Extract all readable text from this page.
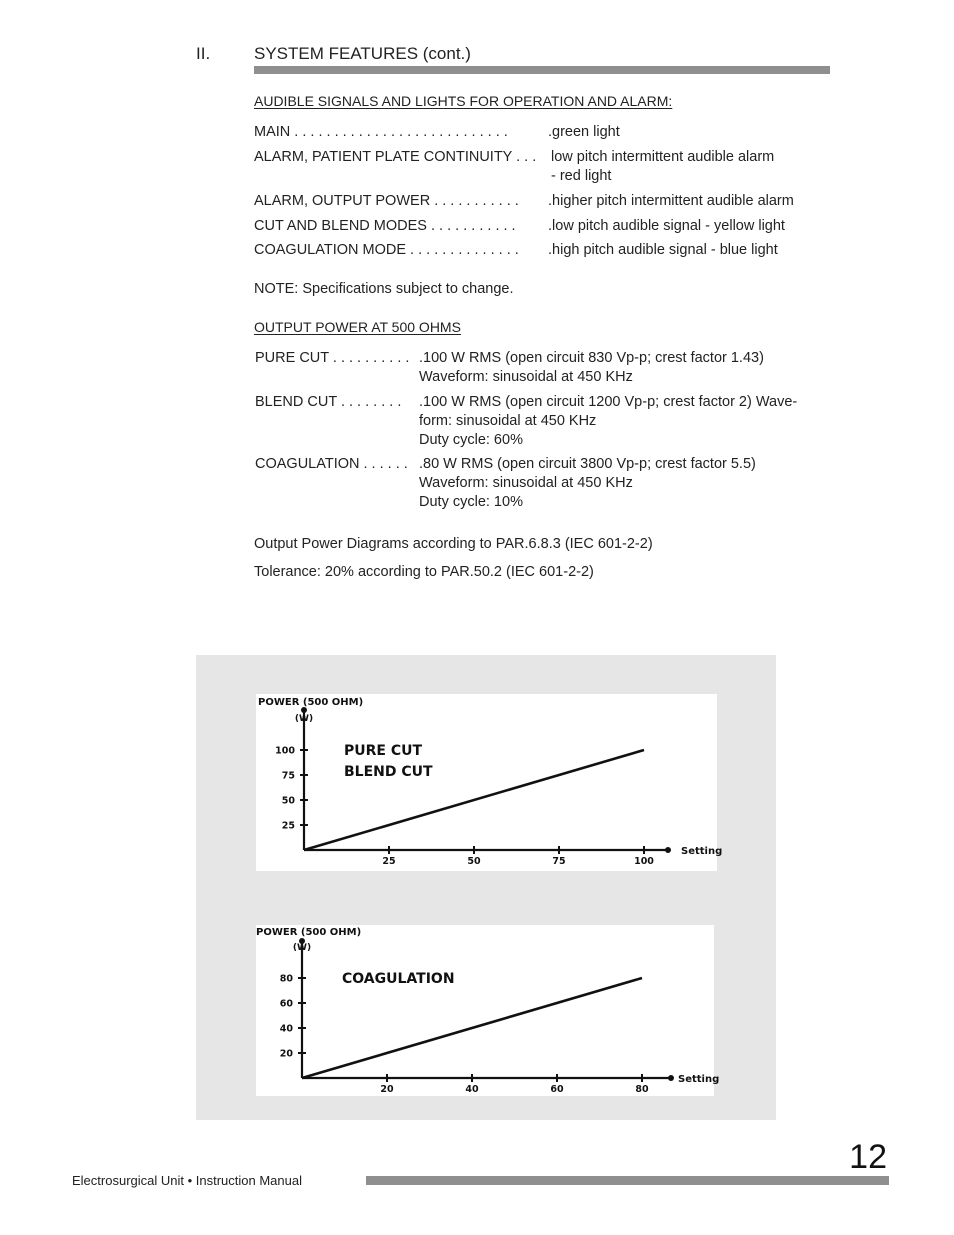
II.	SYSTEM FEATURES (cont.)
AUDIBLE SIGNALS AND LIGHTS FOR OPERATION AND ALARM:
MAIN . . . . . . . . . . . . . . . . . . . . . . . . . . .	.green light
ALARM, PATIENT PLATE CONTINUITY . . . low pitch intermittent audible alarm
- red light
ALARM, OUTPUT POWER . . . . . . . . . . . .higher pitch intermittent audible alarm
CUT AND BLEND MODES . . . . . . . . . . . .low pitch audible signal - yellow light
COAGULATION MODE . . . . . . . . . . . . . . .high pitch audible signal - blue light
NOTE: Specifications subject to change.
OUTPUT POWER AT 500 OHMS
PURE CUT . . . . . . . . . . .100 W RMS (open circuit 830 Vp-p; crest factor 1.43)
Waveform: sinusoidal at 450 KHz
BLEND CUT . . . . . . . . .100 W RMS (open circuit 1200 Vp-p; crest factor 2) Wave-
form: sinusoidal at 450 KHz
Duty cycle: 60%
COAGULATION . . . . . . .80 W RMS (open circuit 3800 Vp-p; crest factor 5.5)
Waveform: sinusoidal at 450 KHz
Duty cycle: 10%
Output Power Diagrams according to PAR.6.8.3 (IEC 601-2-2)
Tolerance: 20% according to PAR.50.2 (IEC 601-2-2)
POWER (500 OHM)
(W)
Setting
25
50
75
100
25	50	75	100
PURE CUT
BLEND CUT
POWER (500 OHM)
(W)
Setting
20
40
60
80
20	40	60	80
COAGULATION
12
Electrosurgical Unit • Instruction Manual
